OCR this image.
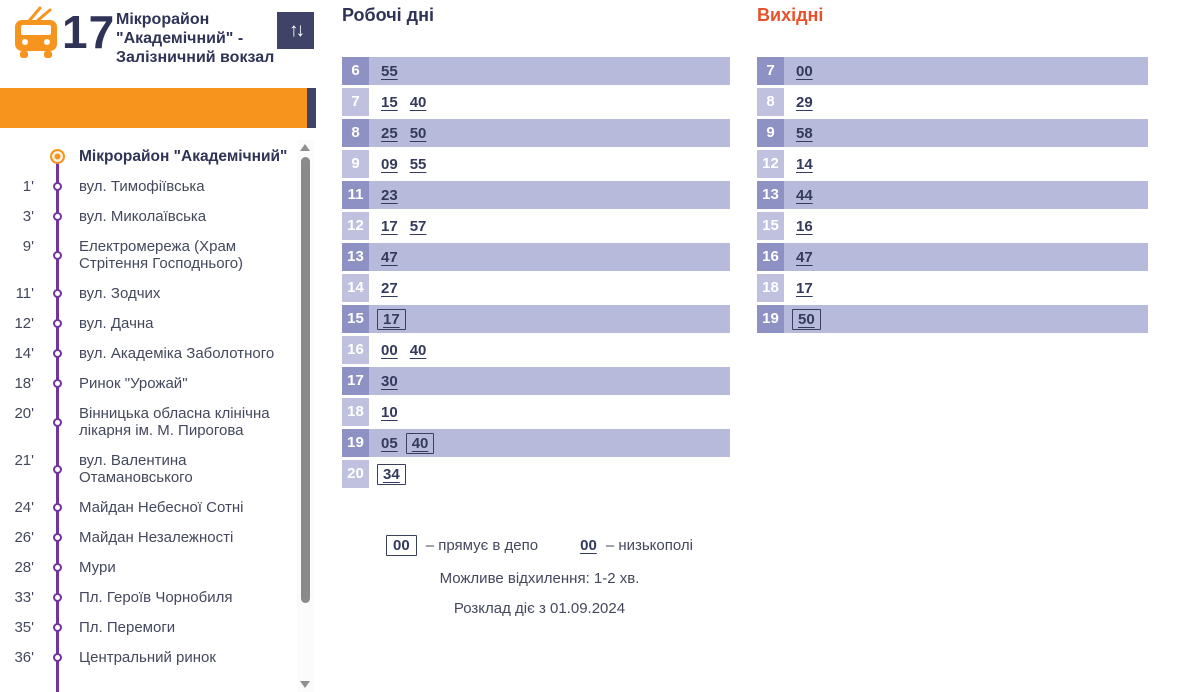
17 Мікрорайон "Академічний" - Залізничний вокзал
↑↓
Мікрорайон "Академічний"
1'	вул. Тимофіївська
3'	вул. Миколаївська
9'	Електромережа (Храм Стрітення Господнього)
11'	вул. Зодчих
12'	вул. Дачна
14'	вул. Академіка Заболотного
18'	Ринок "Урожай"
20'	Вінницька обласна клінічна лікарня ім. М. Пирогова
21'	вул. Валентина Отамановського
24'	Майдан Небесної Сотні
26'	Майдан Незалежності
28'	Мури
33'	Пл. Героїв Чорнобиля
35'	Пл. Перемоги
36'	Центральний ринок
Робочі дні	Вихідні
6	55
7	15 40
8	25 50
9	09 55
11	23
12	17 57
13	47
14	27
15	17
16	00 40
17	30
18	10
19	05 40
20	34
7	00
8	29
9	58
12	14
13	44
15	16
16	47
18	17
19	50
00	– прямує в депо	00 – низькополі
Можливе відхилення: 1-2 хв.
Розклад діє з 01.09.2024
